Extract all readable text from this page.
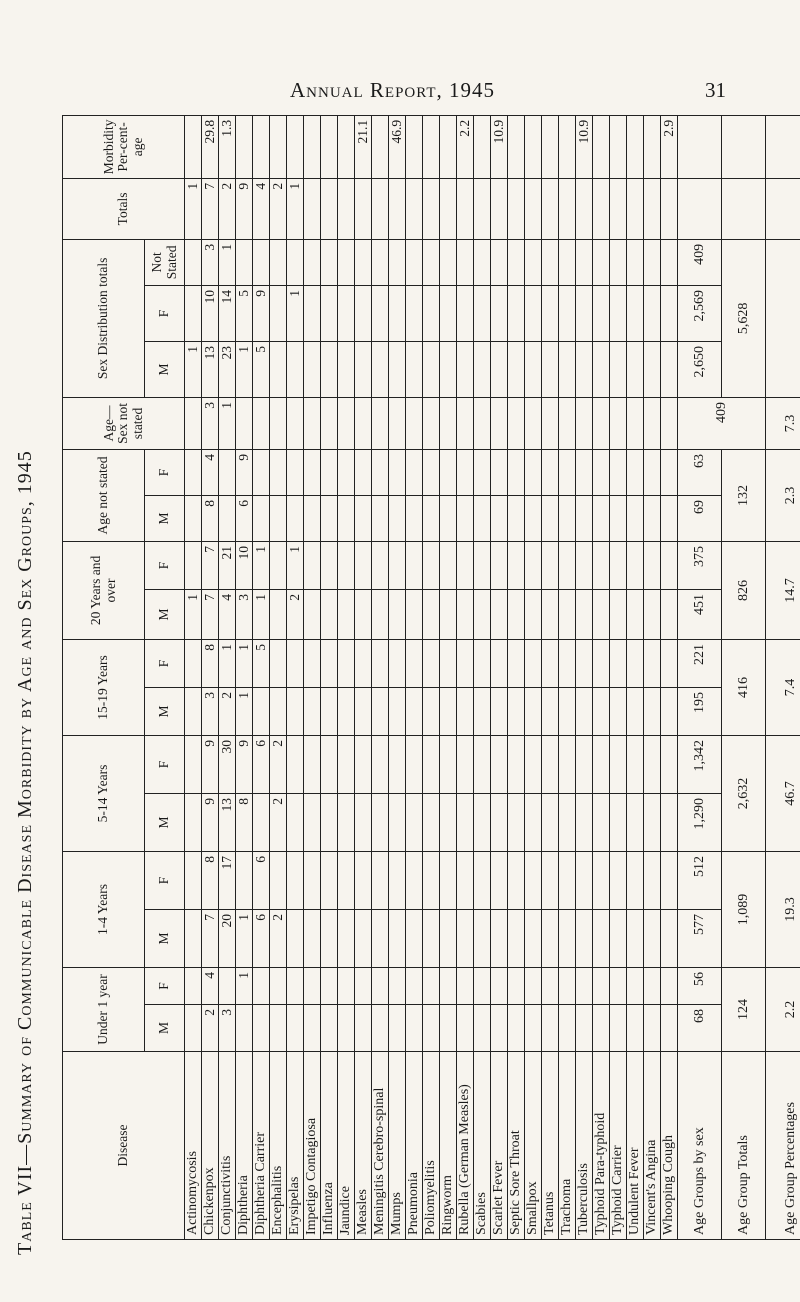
Annual Report, 1945	31
Table VII—Summary of Communicable Disease Morbidity by Age and Sex Groups, 1945	Disease	Under 1 year		1-4 Years		5-14 Years		15-19 Years		20 Years and over		Age not stated		Age—Sex not stated	Sex Distribution totals			Totals	Morbidity Per-cent-age
	M	F	M	F	M	F	M	F	M	F	M	F		M	F	Not Stated		
Actinomycosis									1					1			1	
Chickenpox	2	4	7	8	9	9	3	8	7	7	8	4	3	13	10	3	7	29.8
Conjunctivitis	3		20	17	13	30	2	1	4	21			1	23	14	1	2	1.3
Diphtheria		1	1		8	9	1	1	3	10	6	9		1	5		9	
Diphtheria Carrier			6	6		6		5	1	1				5	9		4	
Encephalitis			2		2	2											2	
Erysipelas									2	1					1		1	
Impetigo Contagiosa																		
Influenza																		
Jaundice																		
Measles																		21.1
Meningitis Cerebro-spinal																		
Mumps																		46.9
Pneumonia																		
Poliomyelitis																		
Ringworm																		
Rubella (German Measles)																		2.2
Scabies																		
Scarlet Fever																		10.9
Septic Sore Throat																		
Smallpox																		
Tetanus																		
Trachoma																		
Tuberculosis																		10.9
Typhoid Para-typhoid																		
Typhoid Carrier																		
Undulent Fever																		
Vincent's Angina																		
Whooping Cough																		2.9
Age Groups by sex	68	56	577	512	1,290	1,342	195	221	451	375	69	63	409	2,650	2,569	409		
Age Group Totals	124		1,089		2,632		416		826		132			5,628				
Age Group Percentages	2.2		19.3		46.7		7.4		14.7		2.3		7.3					
